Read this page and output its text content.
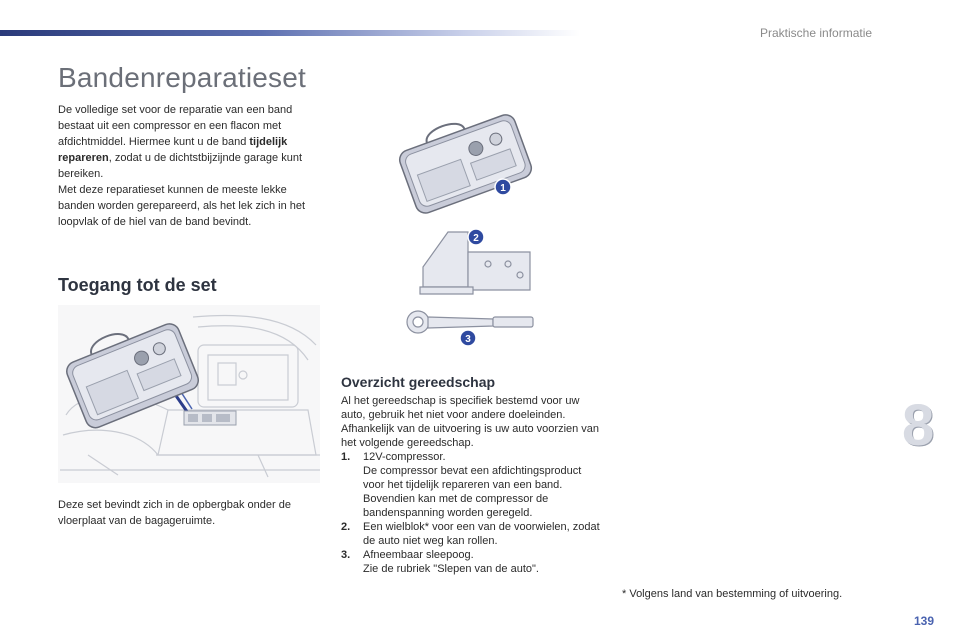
Praktische informatie
Bandenreparatieset
De volledige set voor de reparatie van een band bestaat uit een compressor en een flacon met afdichtmiddel. Hiermee kunt u de band tijdelijk repareren, zodat u de dichtstbijzijnde garage kunt bereiken.
Met deze reparatieset kunnen de meeste lekke banden worden gerepareerd, als het lek zich in het loopvlak of de hiel van de band bevindt.
Toegang tot de set
Deze set bevindt zich in de opbergbak onder de vloerplaat van de bagageruimte.
1
2
3
Overzicht gereedschap

Al het gereedschap is specifiek bestemd voor uw auto, gebruik het niet voor andere doeleinden. Afhankelijk van de uitvoering is uw auto voorzien van het volgende gereedschap.

1.	12V-compressor.
De compressor bevat een afdichtingsproduct voor het tijdelijk repareren van een band. Bovendien kan met de compressor de bandenspanning worden geregeld.
2.	Een wielblok* voor een van de voorwielen, zodat de auto niet weg kan rollen.
3.	Afneembaar sleepoog.
Zie de rubriek "Slepen van de auto".
* Volgens land van bestemming of uitvoering.
8
139
